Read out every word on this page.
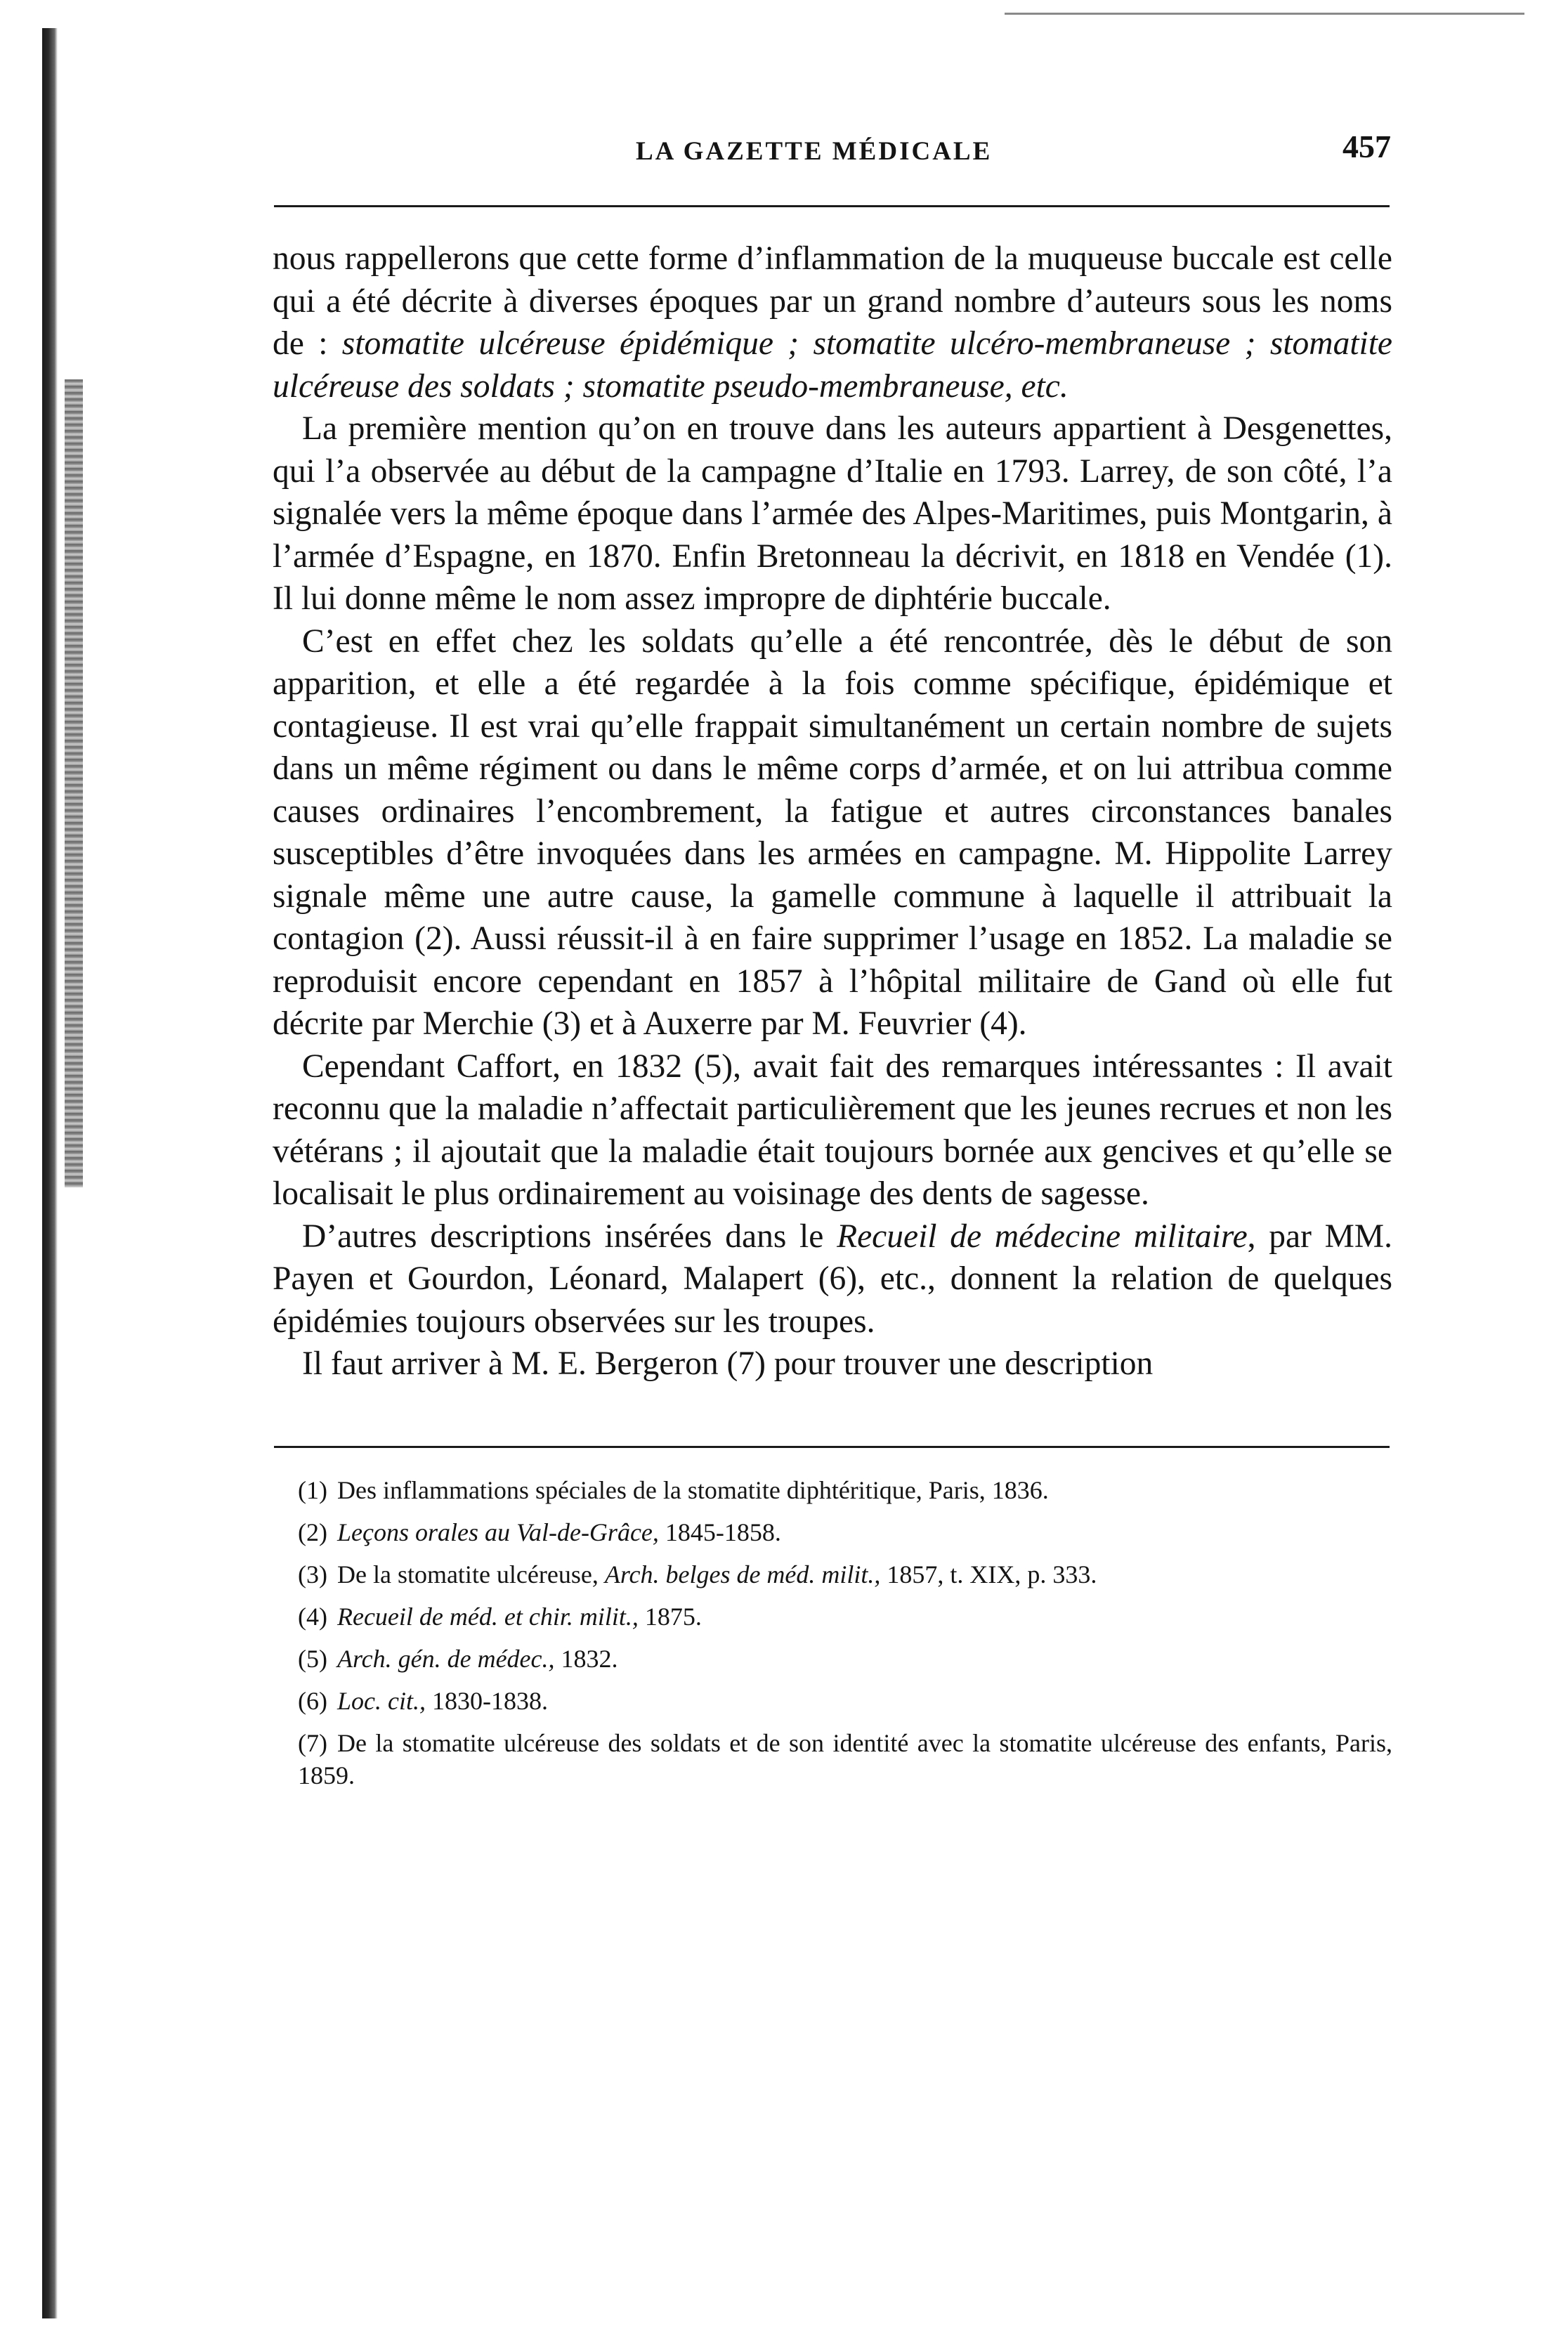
LA GAZETTE MÉDICALE	457

nous rappellerons que cette forme d’inflammation de la muqueuse buccale est celle qui a été décrite à diverses époques par un grand nombre d’auteurs sous les noms de : stomatite ulcéreuse épidémique ; stomatite ulcéro-membraneuse ; stomatite ulcéreuse des soldats ; stomatite pseudo-membraneuse, etc.

La première mention qu’on en trouve dans les auteurs appartient à Desgenettes, qui l’a observée au début de la campagne d’Italie en 1793. Larrey, de son côté, l’a signalée vers la même époque dans l’armée des Alpes-Maritimes, puis Montgarin, à l’armée d’Espagne, en 1870. Enfin Bretonneau la décrivit, en 1818 en Vendée (1). Il lui donne même le nom assez impropre de diphtérie buccale.

C’est en effet chez les soldats qu’elle a été rencontrée, dès le début de son apparition, et elle a été regardée à la fois comme spécifique, épidémique et contagieuse. Il est vrai qu’elle frappait simultanément un certain nombre de sujets dans un même régiment ou dans le même corps d’armée, et on lui attribua comme causes ordinaires l’encombrement, la fatigue et autres circonstances banales susceptibles d’être invoquées dans les armées en campagne. M. Hippolite Larrey signale même une autre cause, la gamelle commune à laquelle il attribuait la contagion (2). Aussi réussit-il à en faire supprimer l’usage en 1852. La maladie se reproduisit encore cependant en 1857 à l’hôpital militaire de Gand où elle fut décrite par Merchie (3) et à Auxerre par M. Feuvrier (4).

Cependant Caffort, en 1832 (5), avait fait des remarques intéressantes : Il avait reconnu que la maladie n’affectait particulièrement que les jeunes recrues et non les vétérans ; il ajoutait que la maladie était toujours bornée aux gencives et qu’elle se localisait le plus ordinairement au voisinage des dents de sagesse.

D’autres descriptions insérées dans le Recueil de médecine militaire, par MM. Payen et Gourdon, Léonard, Malapert (6), etc., donnent la relation de quelques épidémies toujours observées sur les troupes.

Il faut arriver à M. E. Bergeron (7) pour trouver une description

(1) Des inflammations spéciales de la stomatite diphtéritique, Paris, 1836.

(2) Leçons orales au Val-de-Grâce, 1845-1858.

(3) De la stomatite ulcéreuse, Arch. belges de méd. milit., 1857, t. XIX, p. 333.

(4) Recueil de méd. et chir. milit., 1875.

(5) Arch. gén. de médec., 1832.

(6) Loc. cit., 1830-1838.

(7) De la stomatite ulcéreuse des soldats et de son identité avec la stomatite ulcéreuse des enfants, Paris, 1859.
